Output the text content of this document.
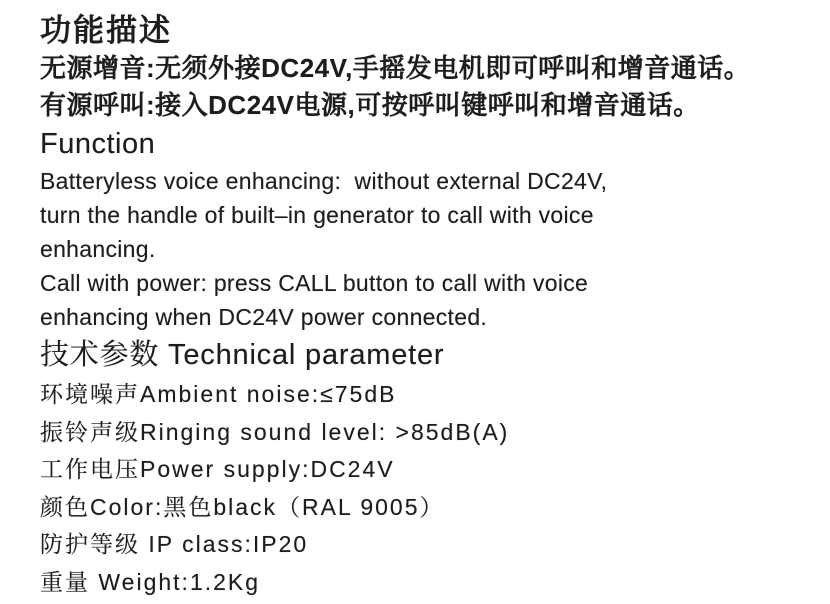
功能描述

无源增音:无须外接DC24V,手摇发电机即可呼叫和增音通话。

有源呼叫:接入DC24V电源,可按呼叫键呼叫和增音通话。

Function

Batteryless voice enhancing:  without external DC24V,

turn the handle of built–in generator to call with voice

enhancing.

Call with power: press CALL button to call with voice

enhancing when DC24V power connected.

技术参数 Technical parameter

环境噪声Ambient noise:≤75dB

振铃声级Ringing sound level: >85dB(A)

工作电压Power supply:DC24V

颜色Color:黑色black（RAL 9005）

防护等级 IP class:IP20

重量 Weight:1.2Kg
